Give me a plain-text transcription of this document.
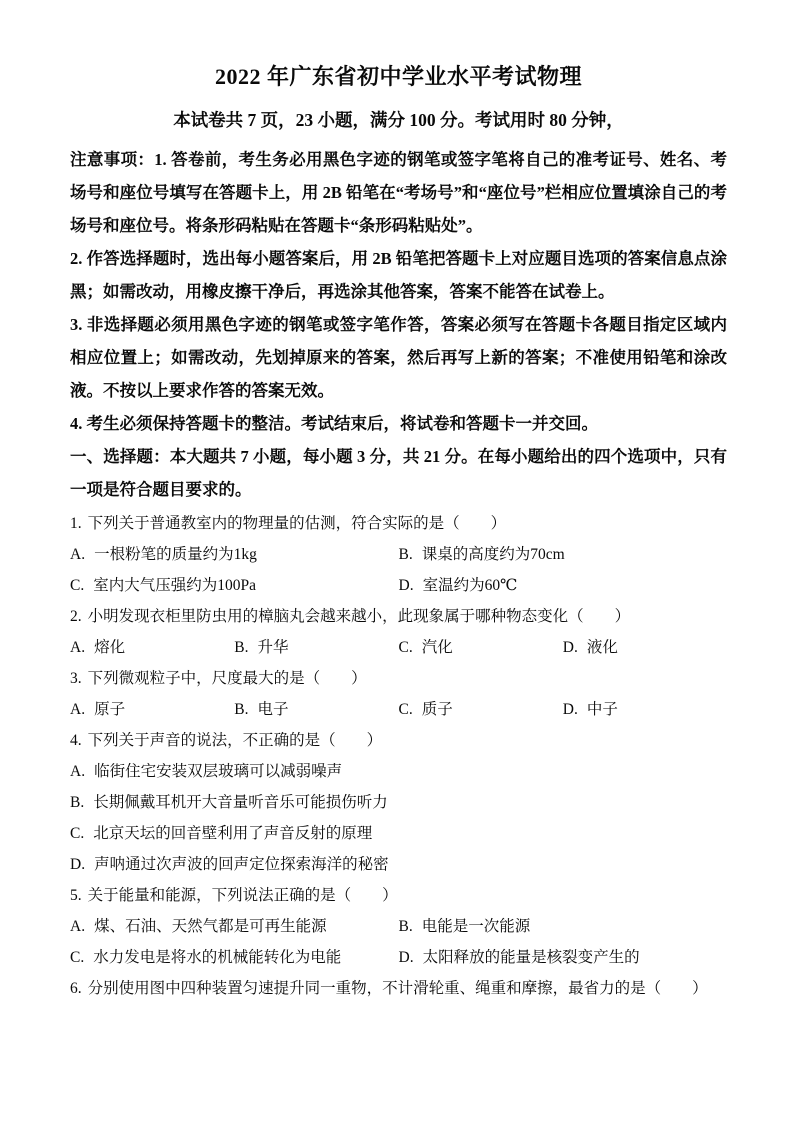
2022 年广东省初中学业水平考试物理

本试卷共 7 页，23 小题，满分 100 分。考试用时 80 分钟，

注意事项：1. 答卷前，考生务必用黑色字迹的钢笔或签字笔将自己的准考证号、姓名、考场号和座位号填写在答题卡上，用 2B 铅笔在“考场号”和“座位号”栏相应位置填涂自己的考场号和座位号。将条形码粘贴在答题卡“条形码粘贴处”。

2. 作答选择题时，选出每小题答案后，用 2B 铅笔把答题卡上对应题目选项的答案信息点涂黑；如需改动，用橡皮擦干净后，再选涂其他答案，答案不能答在试卷上。

3. 非选择题必须用黑色字迹的钢笔或签字笔作答，答案必须写在答题卡各题目指定区域内相应位置上；如需改动，先划掉原来的答案，然后再写上新的答案；不准使用铅笔和涂改液。不按以上要求作答的答案无效。

4. 考生必须保持答题卡的整洁。考试结束后，将试卷和答题卡一并交回。

一、选择题：本大题共 7 小题，每小题 3 分，共 21 分。在每小题给出的四个选项中，只有一项是符合题目要求的。

1. 下列关于普通教室内的物理量的估测，符合实际的是（　　）

A. 一根粉笔的质量约为1kg	B. 课桌的高度约为70cm
C. 室内大气压强约为100Pa	D. 室温约为60℃

2. 小明发现衣柜里防虫用的樟脑丸会越来越小，此现象属于哪种物态变化（　　）

A. 熔化	B. 升华	C. 汽化	D. 液化

3. 下列微观粒子中，尺度最大的是（　　）

A. 原子	B. 电子	C. 质子	D. 中子

4. 下列关于声音的说法，不正确的是（　　）

A. 临街住宅安装双层玻璃可以减弱噪声
B. 长期佩戴耳机开大音量听音乐可能损伤听力
C. 北京天坛的回音壁利用了声音反射的原理
D. 声呐通过次声波的回声定位探索海洋的秘密

5. 关于能量和能源，下列说法正确的是（　　）

A. 煤、石油、天然气都是可再生能源	B. 电能是一次能源
C. 水力发电是将水的机械能转化为电能	D. 太阳释放的能量是核裂变产生的

6. 分别使用图中四种装置匀速提升同一重物，不计滑轮重、绳重和摩擦，最省力的是（　　）
